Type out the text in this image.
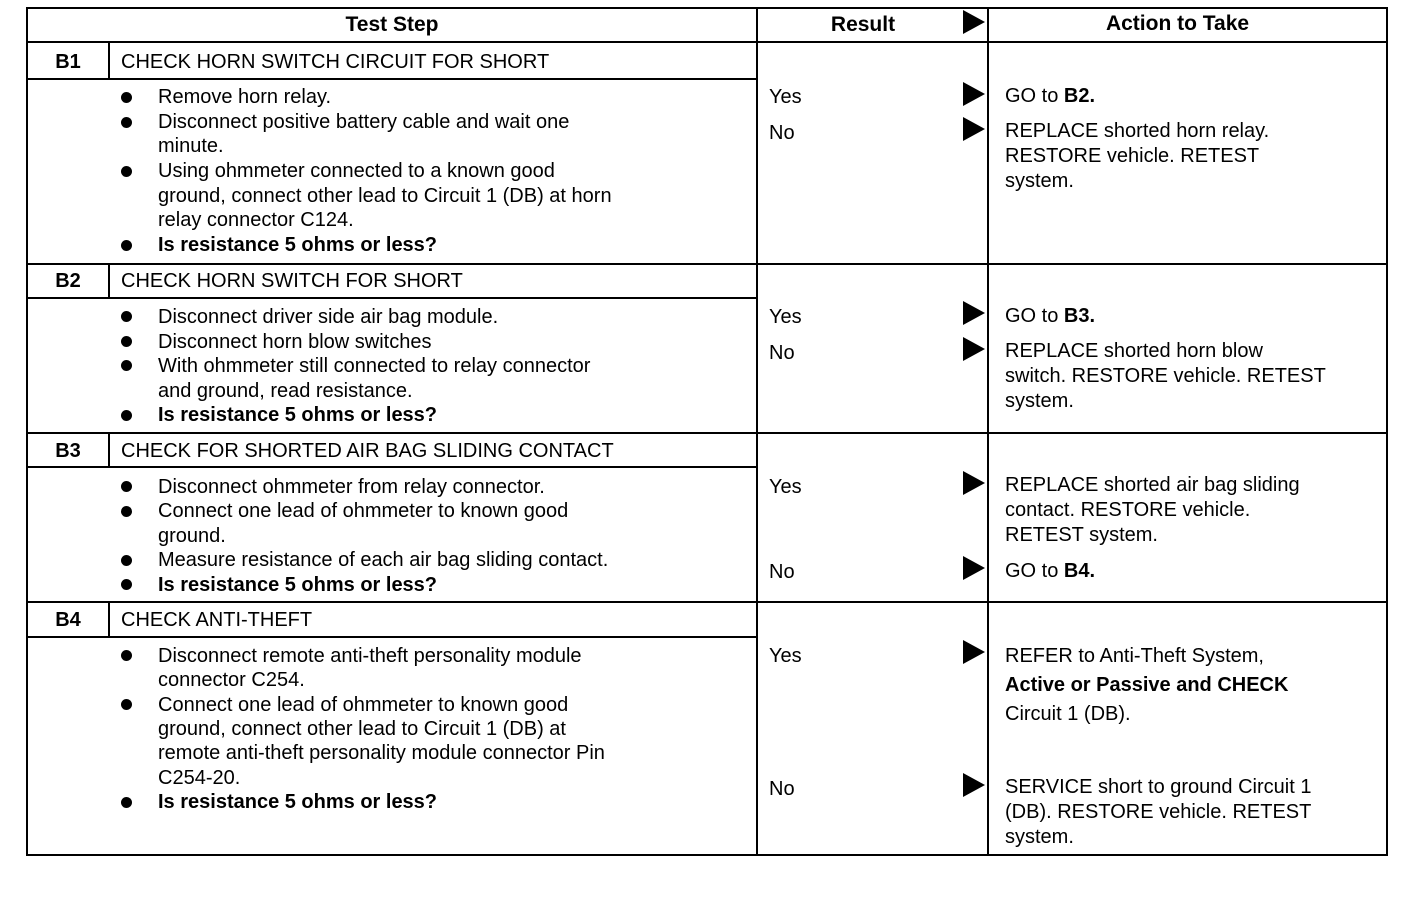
Test Step	Result	Action to Take
B1	CHECK HORN SWITCH CIRCUIT FOR SHORT
Remove horn relay.
Disconnect positive battery cable and wait one
minute.
Using ohmmeter connected to a known good
ground, connect other lead to Circuit 1 (DB) at horn
relay connector C124.
Is resistance 5 ohms or less?
Yes	GO to B2.
No	REPLACE shorted horn relay.
RESTORE vehicle. RETEST
system.
B2	CHECK HORN SWITCH FOR SHORT
Disconnect driver side air bag module.
Disconnect horn blow switches
With ohmmeter still connected to relay connector
and ground, read resistance.
Is resistance 5 ohms or less?
Yes	GO to B3.
No	REPLACE shorted horn blow
switch. RESTORE vehicle. RETEST
system.
B3	CHECK FOR SHORTED AIR BAG SLIDING CONTACT
Disconnect ohmmeter from relay connector.
Connect one lead of ohmmeter to known good
ground.
Measure resistance of each air bag sliding contact.
Is resistance 5 ohms or less?
Yes	REPLACE shorted air bag sliding
contact. RESTORE vehicle.
RETEST system.
No	GO to B4.
B4	CHECK ANTI-THEFT
Disconnect remote anti-theft personality module
connector C254.
Connect one lead of ohmmeter to known good
ground, connect other lead to Circuit 1 (DB) at
remote anti-theft personality module connector Pin
C254-20.
Is resistance 5 ohms or less?
Yes	REFER to Anti-Theft System,
Active or Passive and CHECK
Circuit 1 (DB).
No	SERVICE short to ground Circuit 1
(DB). RESTORE vehicle. RETEST
system.
